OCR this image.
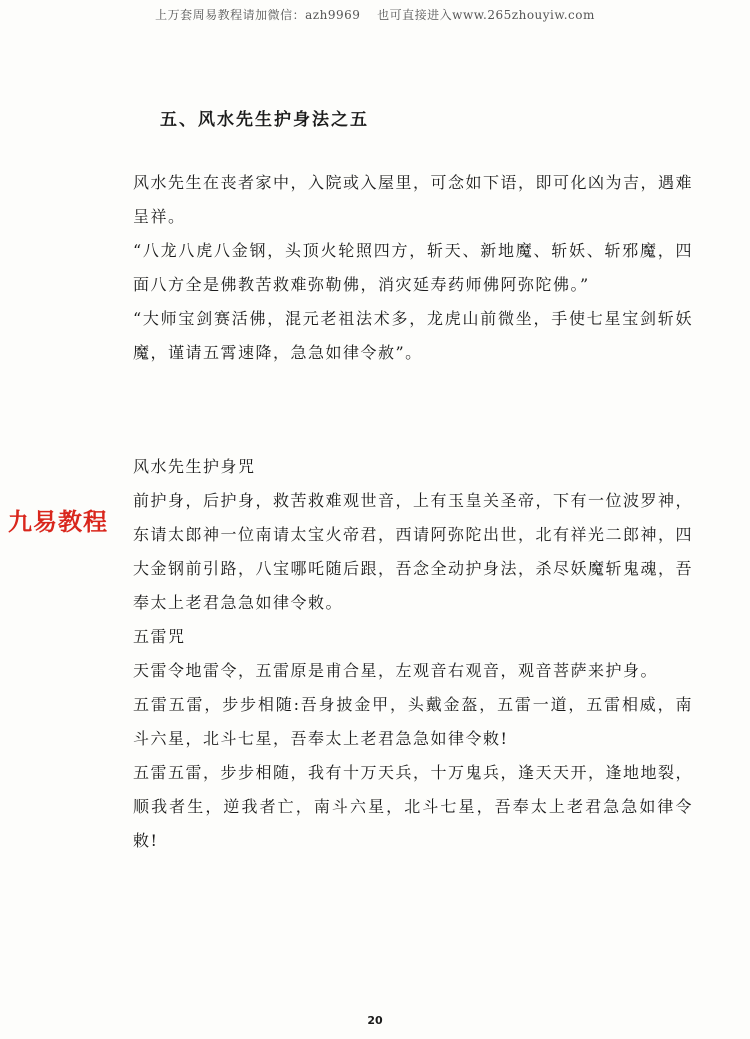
上万套周易教程请加微信：azh9969　 也可直接进入www.265zhouyiw.com
五、风水先生护身法之五

风水先生在丧者家中，入院或入屋里，可念如下语，即可化凶为吉，遇难呈祥。

“八龙八虎八金钢，头顶火轮照四方，斩天、新地魔、斩妖、斩邪魔，四面八方全是佛教苦救难弥勒佛，消灾延寿药师佛阿弥陀佛。”

“大师宝剑赛活佛，混元老祖法术多，龙虎山前微坐，手使七星宝剑斩妖魔，谨请五霄速降，急急如律令赦”。

风水先生护身咒

前护身，后护身，救苦救难观世音，上有玉皇关圣帝，下有一位波罗神，东请太郎神一位南请太宝火帝君，西请阿弥陀出世，北有祥光二郎神，四大金钢前引路，八宝哪吒随后跟，吾念全动护身法，杀尽妖魔斩鬼魂，吾奉太上老君急急如律令敕。

五雷咒

天雷令地雷令，五雷原是甫合星，左观音右观音，观音菩萨来护身。

五雷五雷，步步相随:吾身披金甲，头戴金盔，五雷一道，五雷相威，南斗六星，北斗七星，吾奉太上老君急急如律令敕!

五雷五雷，步步相随，我有十万天兵，十万鬼兵，逢天天开，逢地地裂，顺我者生，逆我者亡，南斗六星，北斗七星，吾奉太上老君急急如律令敕!

九易教程
20
